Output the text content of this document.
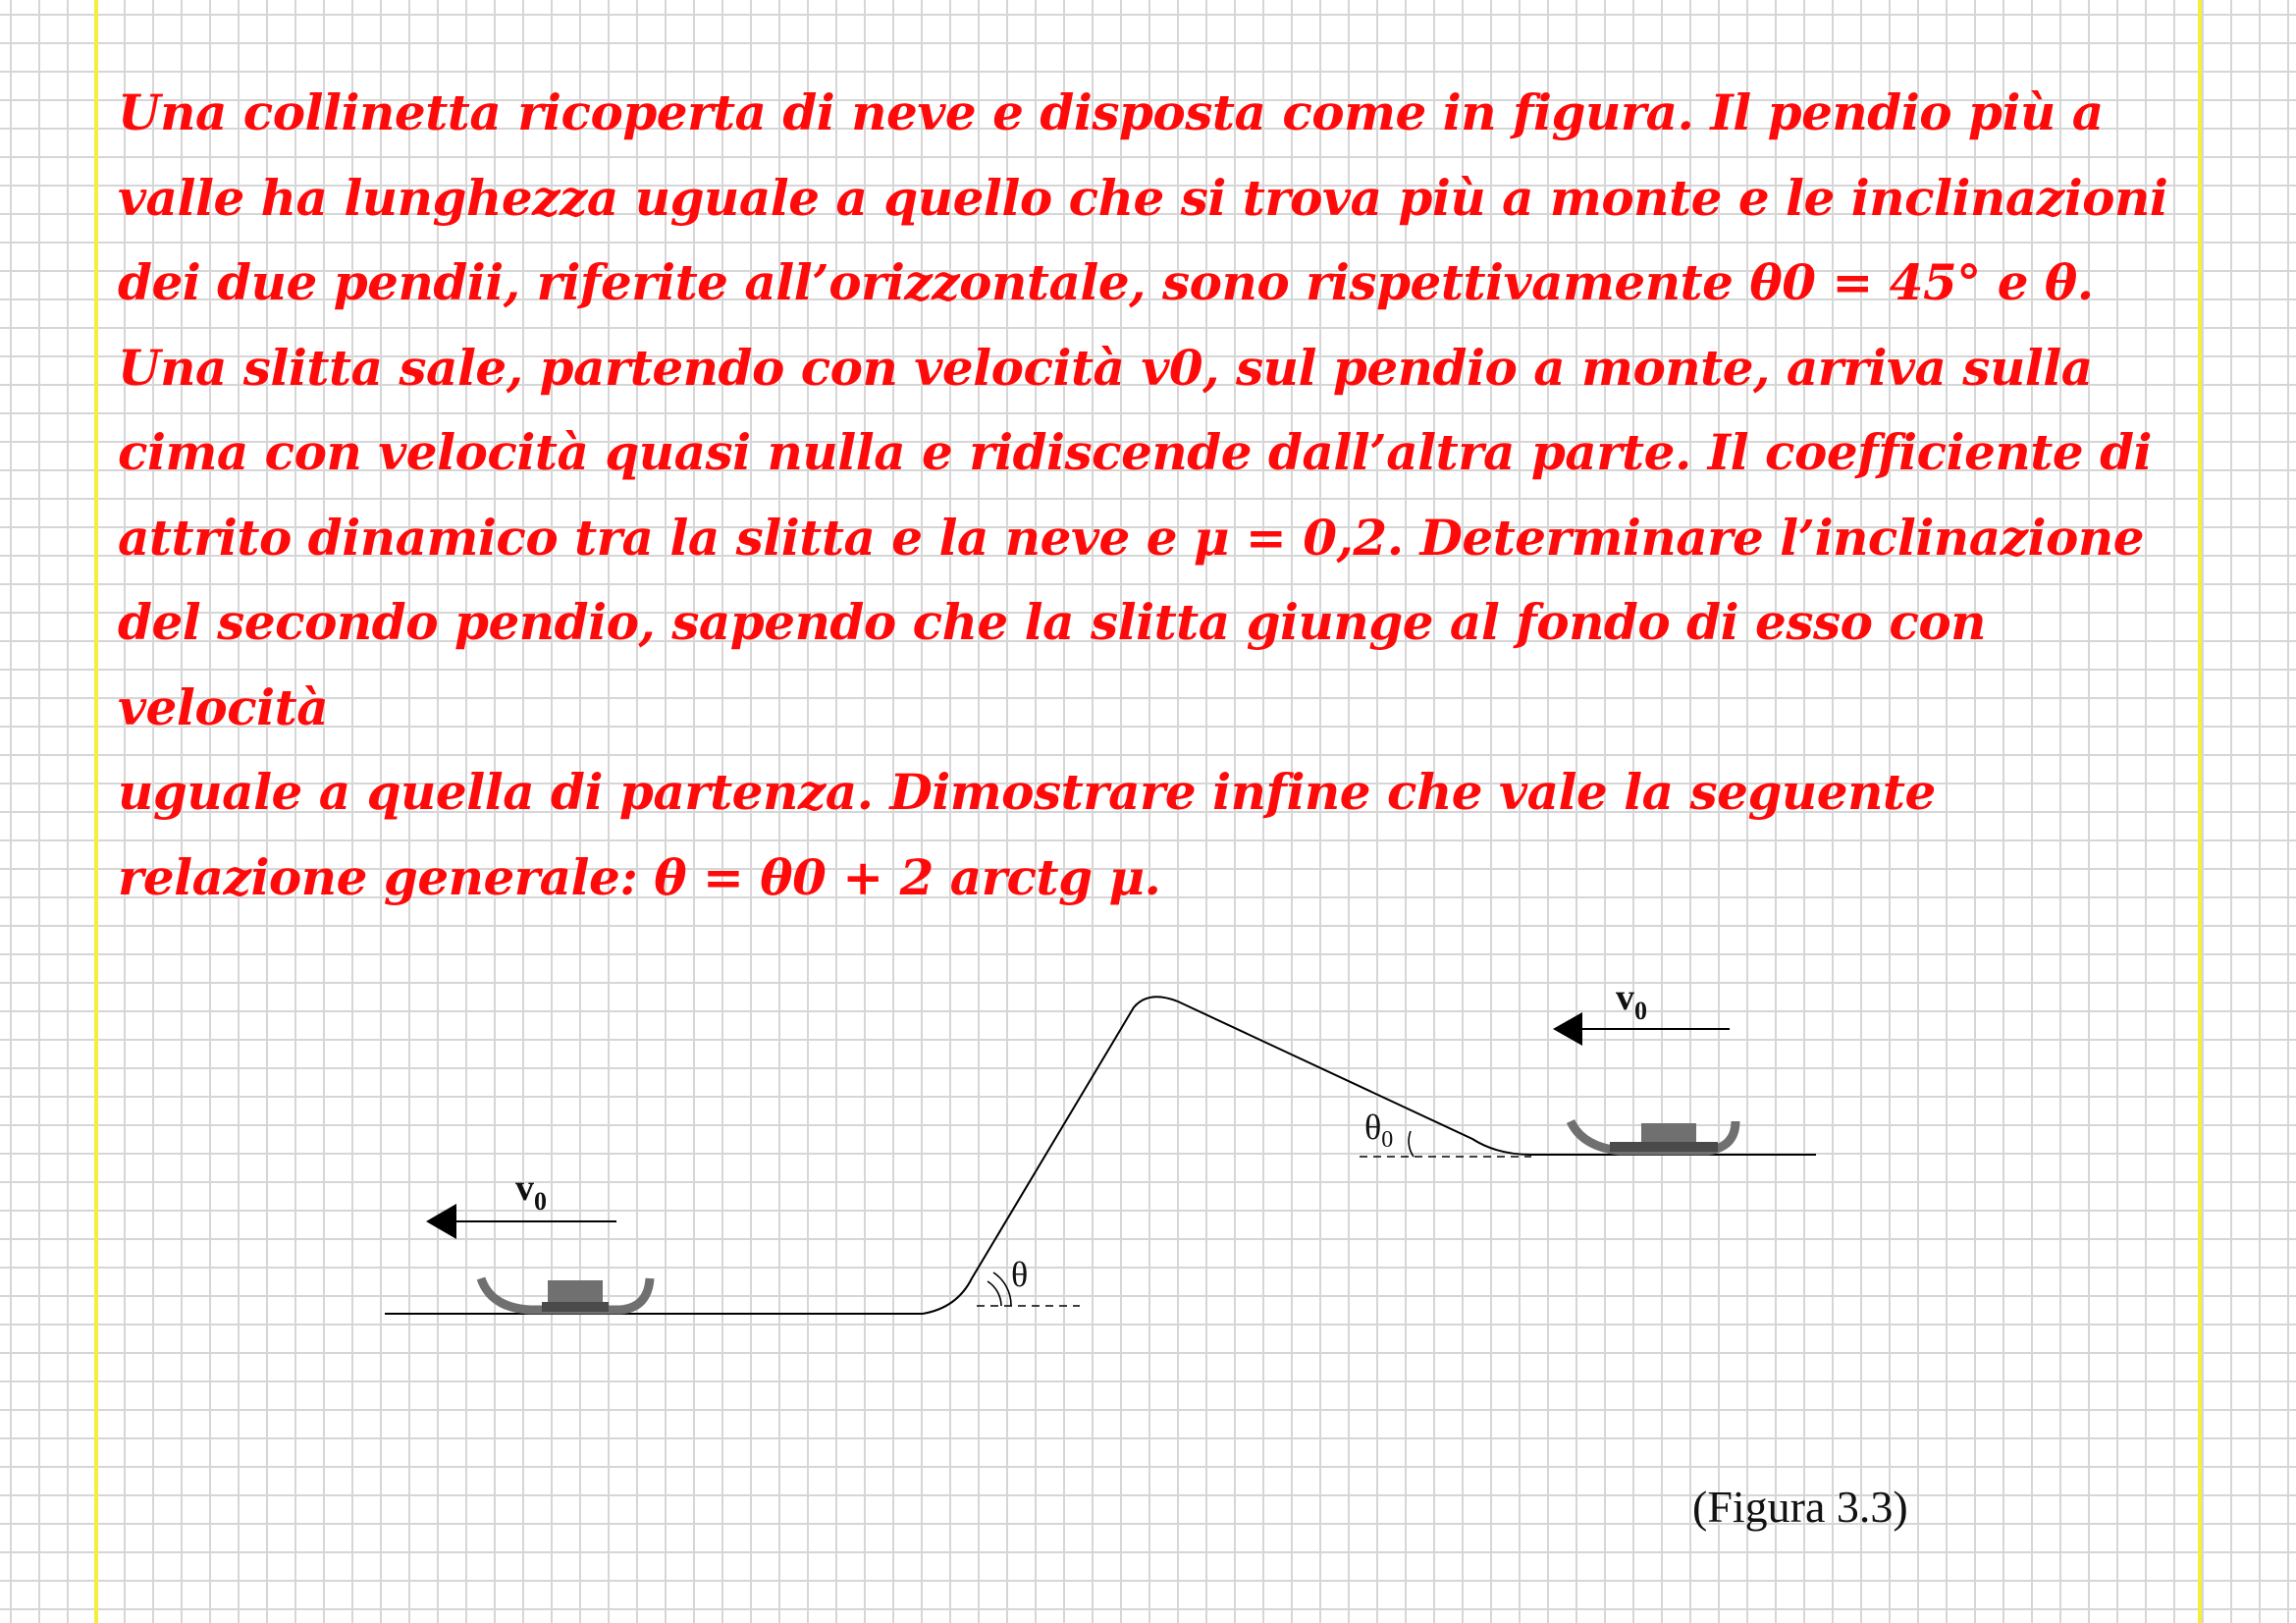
Una collinetta ricoperta di neve e disposta come in figura. Il pendio più a
valle ha lunghezza uguale a quello che si trova più a monte e le inclinazioni
dei due pendii, riferite all’orizzontale, sono rispettivamente θ0 = 45° e θ.
Una slitta sale, partendo con velocità v0, sul pendio a monte, arriva sulla
cima con velocità quasi nulla e ridiscende dall’altra parte. Il coefficiente di
attrito dinamico tra la slitta e la neve e μ = 0,2. Determinare l’inclinazione
del secondo pendio, sapendo che la slitta giunge al fondo di esso con velocità
uguale a quella di partenza. Dimostrare infine che vale la seguente
relazione generale: θ = θ0 + 2 arctg μ.

θ
$\theta_0$
$v_0$
$v_0$

(Figura 3.3)
